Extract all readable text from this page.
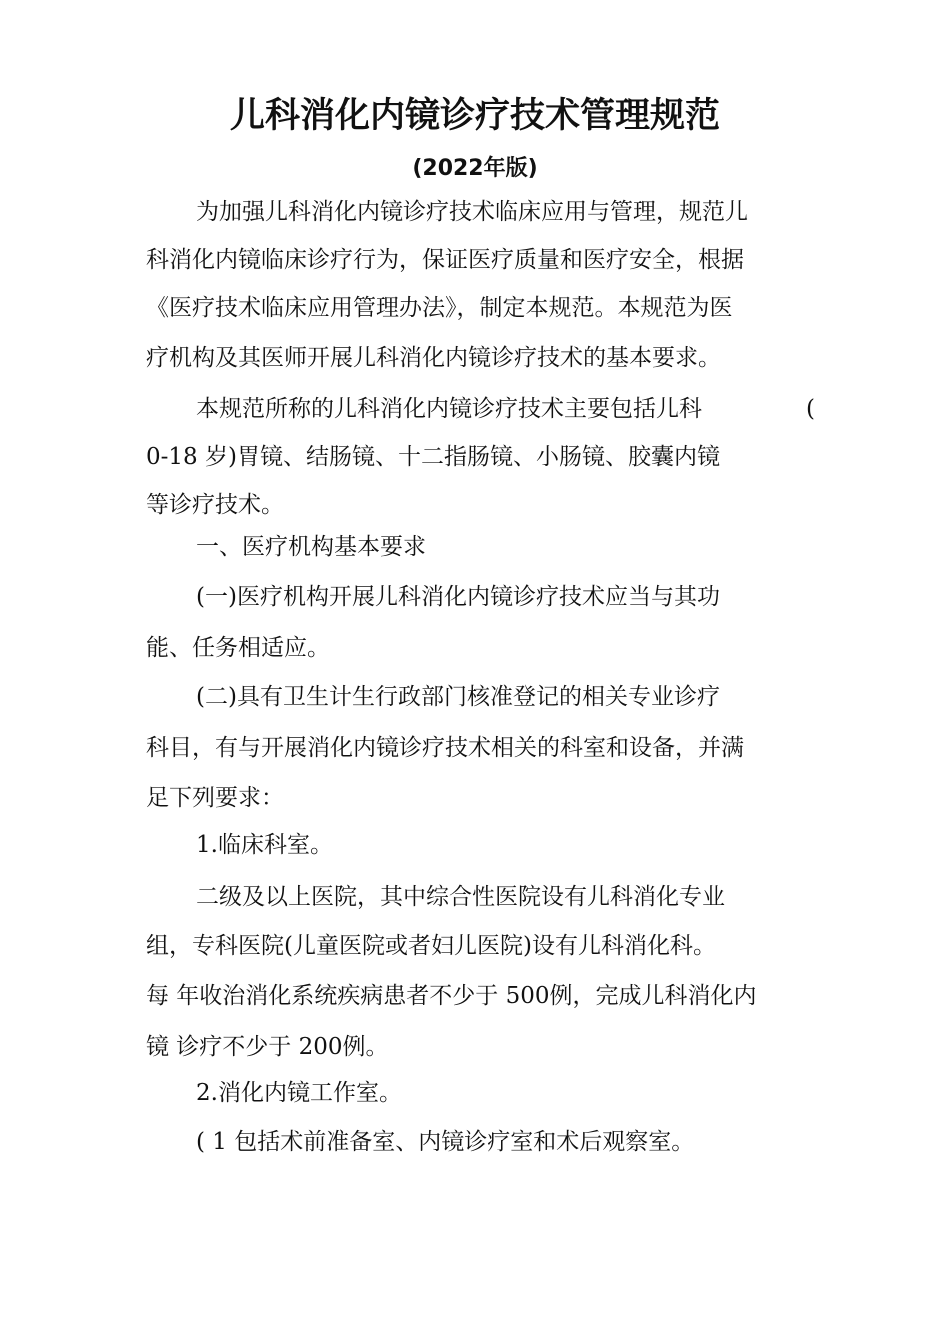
儿科消化内镜诊疗技术管理规范
(2022年版)
为加强儿科消化内镜诊疗技术临床应用与管理，规范儿
科消化内镜临床诊疗行为，保证医疗质量和医疗安全，根据
《医疗技术临床应用管理办法》，制定本规范。本规范为医
疗机构及其医师开展儿科消化内镜诊疗技术的基本要求。
本规范所称的儿科消化内镜诊疗技术主要包括儿科	(
0-18 岁)胃镜、结肠镜、十二指肠镜、小肠镜、胶囊内镜
等诊疗技术。
一、医疗机构基本要求
(一)医疗机构开展儿科消化内镜诊疗技术应当与其功
能、任务相适应。
(二)具有卫生计生行政部门核准登记的相关专业诊疗
科目，有与开展消化内镜诊疗技术相关的科室和设备，并满
足下列要求：
1.临床科室。
二级及以上医院，其中综合性医院设有儿科消化专业
组，专科医院(儿童医院或者妇儿医院)设有儿科消化科。
每 年收治消化系统疾病患者不少于 500例，完成儿科消化内
镜 诊疗不少于 200例。
2.消化内镜工作室。
( 1 包括术前准备室、内镜诊疗室和术后观察室。
